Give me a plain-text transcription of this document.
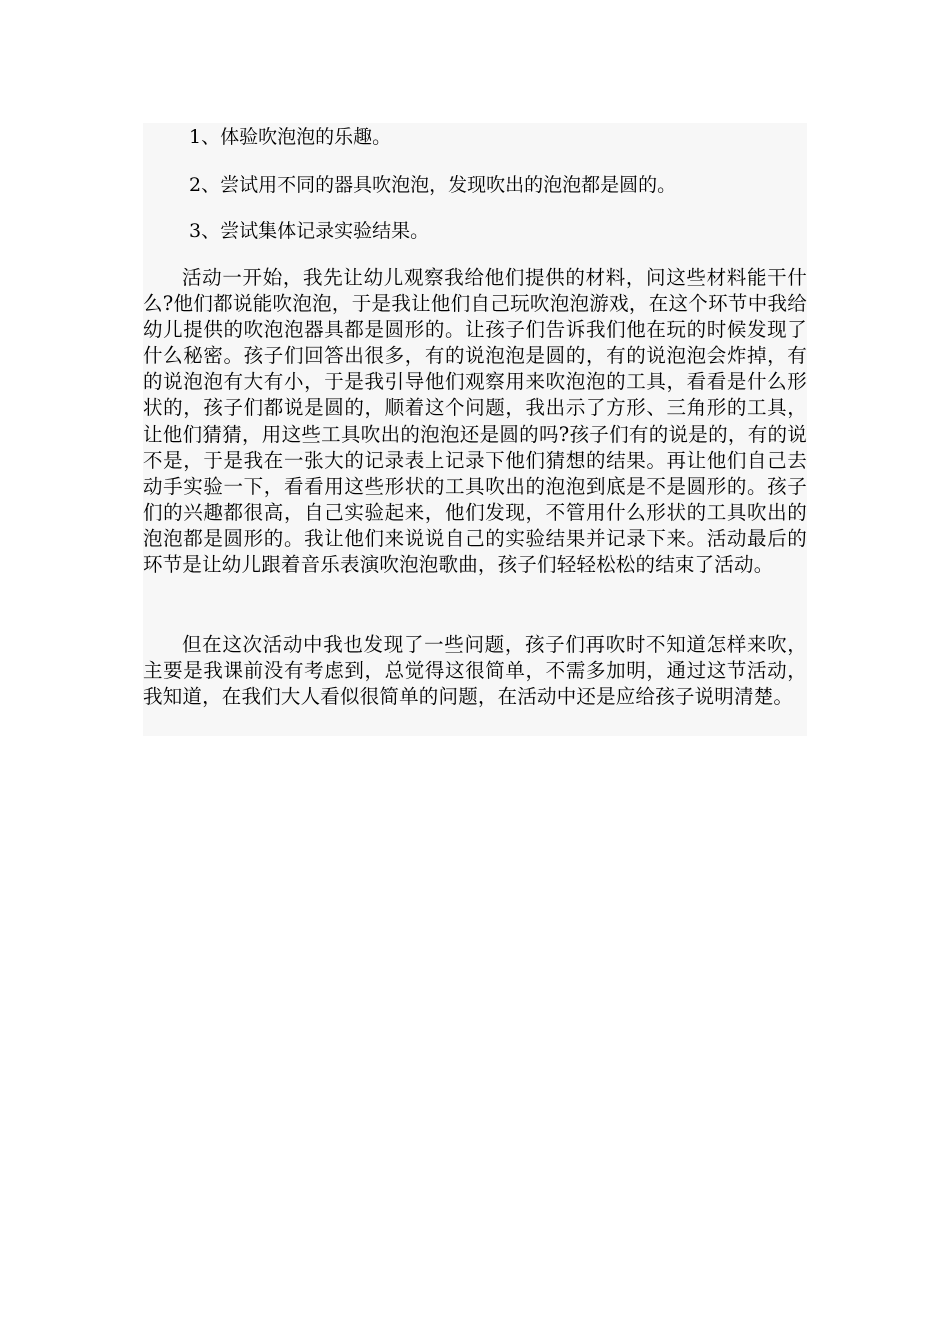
1、体验吹泡泡的乐趣。

2、尝试用不同的器具吹泡泡，发现吹出的泡泡都是圆的。

3、尝试集体记录实验结果。

活动一开始，我先让幼儿观察我给他们提供的材料，问这些材料能干什么?他们都说能吹泡泡，于是我让他们自己玩吹泡泡游戏，在这个环节中我给幼儿提供的吹泡泡器具都是圆形的。让孩子们告诉我们他在玩的时候发现了什么秘密。孩子们回答出很多，有的说泡泡是圆的，有的说泡泡会炸掉，有的说泡泡有大有小，于是我引导他们观察用来吹泡泡的工具，看看是什么形状的，孩子们都说是圆的，顺着这个问题，我出示了方形、三角形的工具，让他们猜猜，用这些工具吹出的泡泡还是圆的吗?孩子们有的说是的，有的说不是，于是我在一张大的记录表上记录下他们猜想的结果。再让他们自己去动手实验一下，看看用这些形状的工具吹出的泡泡到底是不是圆形的。孩子们的兴趣都很高，自己实验起来，他们发现，不管用什么形状的工具吹出的泡泡都是圆形的。我让他们来说说自己的实验结果并记录下来。活动最后的环节是让幼儿跟着音乐表演吹泡泡歌曲，孩子们轻轻松松的结束了活动。

但在这次活动中我也发现了一些问题，孩子们再吹时不知道怎样来吹，主要是我课前没有考虑到，总觉得这很简单，不需多加明，通过这节活动，我知道，在我们大人看似很简单的问题，在活动中还是应给孩子说明清楚。
